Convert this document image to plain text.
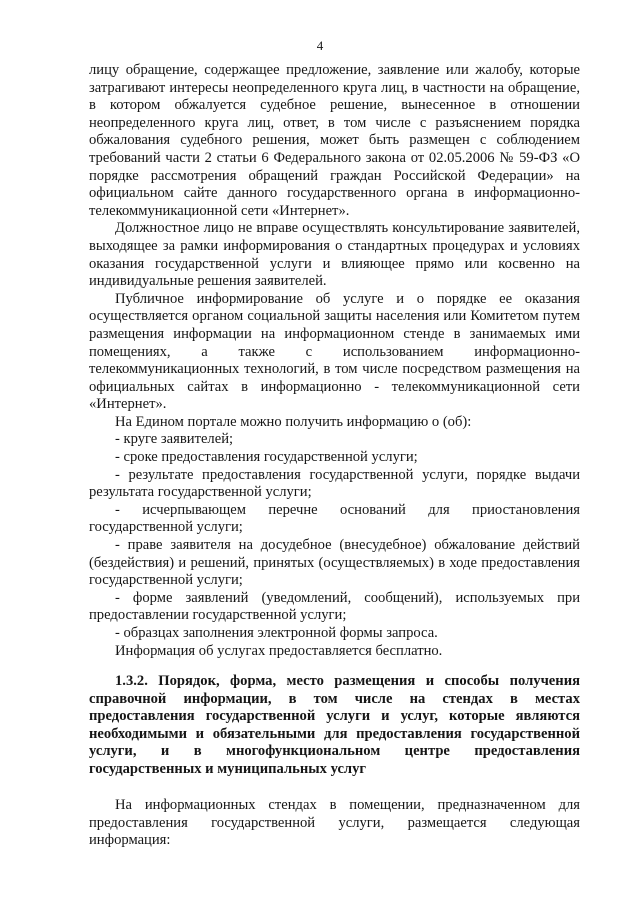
4

лицу обращение, содержащее предложение, заявление или жалобу, которые затрагивают интересы неопределенного круга лиц, в частности на обращение, в котором обжалуется судебное решение, вынесенное в отношении неопределенного круга лиц, ответ, в том числе с разъяснением порядка обжалования судебного решения, может быть размещен с соблюдением требований части 2 статьи 6 Федерального закона от 02.05.2006 № 59-ФЗ «О порядке рассмотрения обращений граждан Российской Федерации» на официальном сайте данного государственного органа в информационно-телекоммуникационной сети «Интернет».

Должностное лицо не вправе осуществлять консультирование заявителей, выходящее за рамки информирования о стандартных процедурах и условиях оказания государственной услуги и влияющее прямо или косвенно на индивидуальные решения заявителей.

Публичное информирование об услуге и о порядке ее оказания осуществляется органом социальной защиты населения или Комитетом путем размещения информации на информационном стенде в занимаемых ими помещениях, а также с использованием информационно-телекоммуникационных технологий, в том числе посредством размещения на официальных сайтах в информационно - телекоммуникационной сети «Интернет».

На Едином портале можно получить информацию о (об):

- круге заявителей;

- сроке предоставления государственной услуги;

- результате предоставления государственной услуги, порядке выдачи результата государственной услуги;

- исчерпывающем перечне оснований для приостановления государственной услуги;

- праве заявителя на досудебное (внесудебное) обжалование действий (бездействия) и решений, принятых (осуществляемых) в ходе предоставления государственной услуги;

- форме заявлений (уведомлений, сообщений), используемых при предоставлении государственной услуги;

- образцах заполнения электронной формы запроса.

Информация об услугах предоставляется бесплатно.

1.3.2. Порядок, форма, место размещения и способы получения справочной информации, в том числе на стендах в местах предоставления государственной услуги и услуг, которые являются необходимыми и обязательными для предоставления государственной услуги, и в многофункциональном центре предоставления государственных и муниципальных услуг

На информационных стендах в помещении, предназначенном для предоставления государственной услуги, размещается следующая информация:
